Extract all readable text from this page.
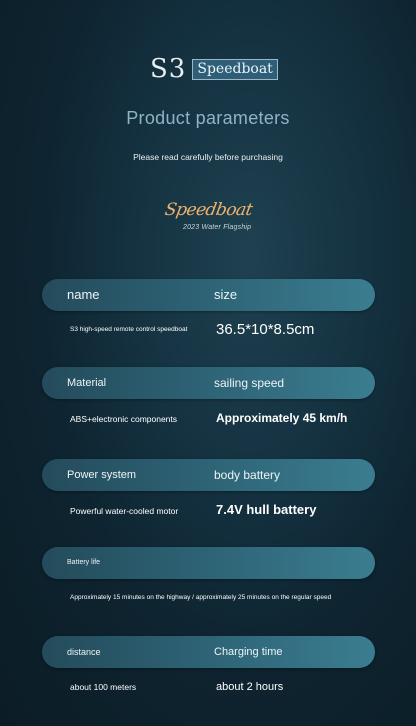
S3 Speedboat
Product parameters
Please read carefully before purchasing
Speedboat
2023 Water Flagship
name	size
S3 high-speed remote control speedboat 36.5*10*8.5cm
Material	sailing speed
ABS+electronic components	Approximately 45 km/h
Power system	body battery
Powerful water-cooled motor	7.4V hull battery
Battery life
Approximately 15 minutes on the highway / approximately 25 minutes on the regular speed
distance	Charging time
about 100 meters	about 2 hours
